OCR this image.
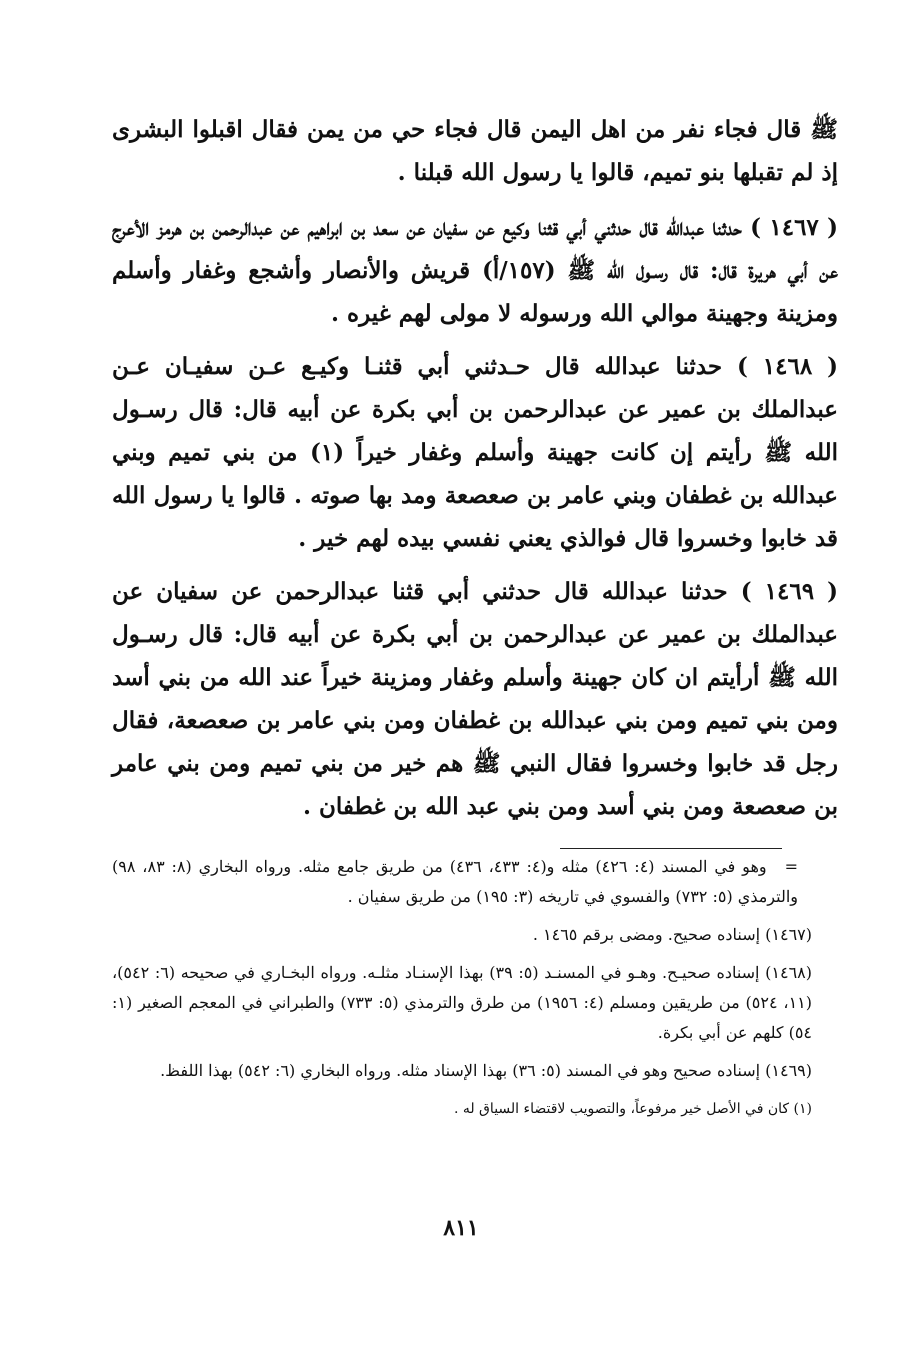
ﷺ قال فجاء نفر من اهل اليمن قال فجاء حي من يمن فقال اقبلوا البشرى إذ لم تقبلها بنو تميم، قالوا يا رسول الله قبلنا .

( ١٤٦٧ ) حدثنا عبدالله قال حدثني أبي قثنا وكيع عن سفيان عن سعد بن ابراهيم عن عبدالرحمن بن هرمز الأعرج عن أبي هريرة قال: قال رسـول الله ﷺ (١٥٧/أ) قريش والأنصار وأشجع وغفار وأسلم ومزينة وجهينة موالي الله ورسوله لا مولى لهم غيره .

( ١٤٦٨ ) حدثنا عبدالله قال حـدثني أبي قثنـا وكيـع عـن سفيـان عـن عبدالملك بن عمير عن عبدالرحمن بن أبي بكرة عن أبيه قال: قال رسـول الله ﷺ رأيتم إن كانت جهينة وأسلم وغفار خيراً (١) من بني تميم وبني عبدالله بن غطفان وبني عامر بن صعصعة ومد بها صوته . قالوا يا رسول الله قد خابوا وخسروا قال فوالذي يعني نفسي بيده لهم خير .

( ١٤٦٩ ) حدثنا عبدالله قال حدثني أبي قثنا عبدالرحمن عن سفيان عن عبدالملك بن عمير عن عبدالرحمن بن أبي بكرة عن أبيه قال: قال رسـول الله ﷺ أرأيتم ان كان جهينة وأسلم وغفار ومزينة خيراً عند الله من بني أسد ومن بني تميم ومن بني عبدالله بن غطفان ومن بني عامر بن صعصعة، فقال رجل قد خابوا وخسروا فقال النبي ﷺ هم خير من بني تميم ومن بني عامر بن صعصعة ومن بني أسد ومن بني عبد الله بن غطفان .

=وهو في المسند (٤: ٤٢٦) مثله و(٤: ٤٣٣، ٤٣٦) من طريق جامع مثله. ورواه البخاري (٨: ٨٣، ٩٨) والترمذي (٥: ٧٣٢) والفسوي في تاريخه (٣: ١٩٥) من طريق سفيان .

(١٤٦٧) إسناده صحيح. ومضى برقم ١٤٦٥ .

(١٤٦٨) إسناده صحيـح. وهـو في المسنـد (٥: ٣٩) بهذا الإسنـاد مثلـه. ورواه البخـاري في صحيحه (٦: ٥٤٢)، (١١، ٥٢٤) من طريقين ومسلم (٤: ١٩٥٦) من طرق والترمذي (٥: ٧٣٣) والطبراني في المعجم الصغير (١: ٥٤) كلهم عن أبي بكرة.

(١٤٦٩) إسناده صحيح وهو في المسند (٥: ٣٦) بهذا الإسناد مثله. ورواه البخاري (٦: ٥٤٢) بهذا اللفظ.

(١) كان في الأصل خير مرفوعاً، والتصويب لاقتضاء السياق له .

٨١١
